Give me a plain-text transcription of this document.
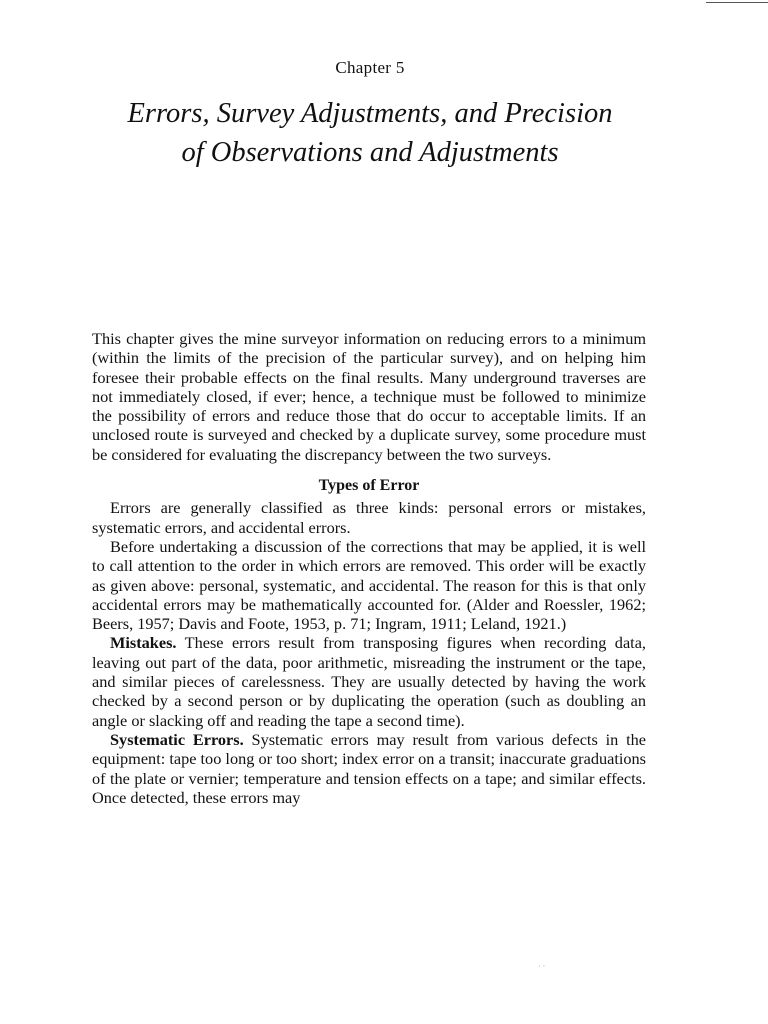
Chapter 5
Errors, Survey Adjustments, and Precision
of Observations and Adjustments

This chapter gives the mine surveyor information on reducing errors to a minimum (within the limits of the precision of the particular survey), and on helping him foresee their probable effects on the final results. Many underground traverses are not immediately closed, if ever; hence, a technique must be followed to minimize the possibility of errors and reduce those that do occur to acceptable limits. If an unclosed route is surveyed and checked by a duplicate survey, some procedure must be considered for evaluating the discrepancy between the two surveys.

Types of Error

Errors are generally classified as three kinds: personal errors or mistakes, systematic errors, and accidental errors.

Before undertaking a discussion of the corrections that may be applied, it is well to call attention to the order in which errors are removed. This order will be exactly as given above: personal, systematic, and accidental. The reason for this is that only accidental errors may be mathematically accounted for. (Alder and Roessler, 1962; Beers, 1957; Davis and Foote, 1953, p. 71; Ingram, 1911; Leland, 1921.)

Mistakes. These errors result from transposing figures when recording data, leaving out part of the data, poor arithmetic, misreading the instrument or the tape, and similar pieces of carelessness. They are usually detected by having the work checked by a second person or by duplicating the operation (such as doubling an angle or slacking off and reading the tape a second time).

Systematic Errors. Systematic errors may result from various defects in the equipment: tape too long or too short; index error on a transit; inaccurate graduations of the plate or vernier; temperature and tension effects on a tape; and similar effects. Once detected, these errors may

· ·
